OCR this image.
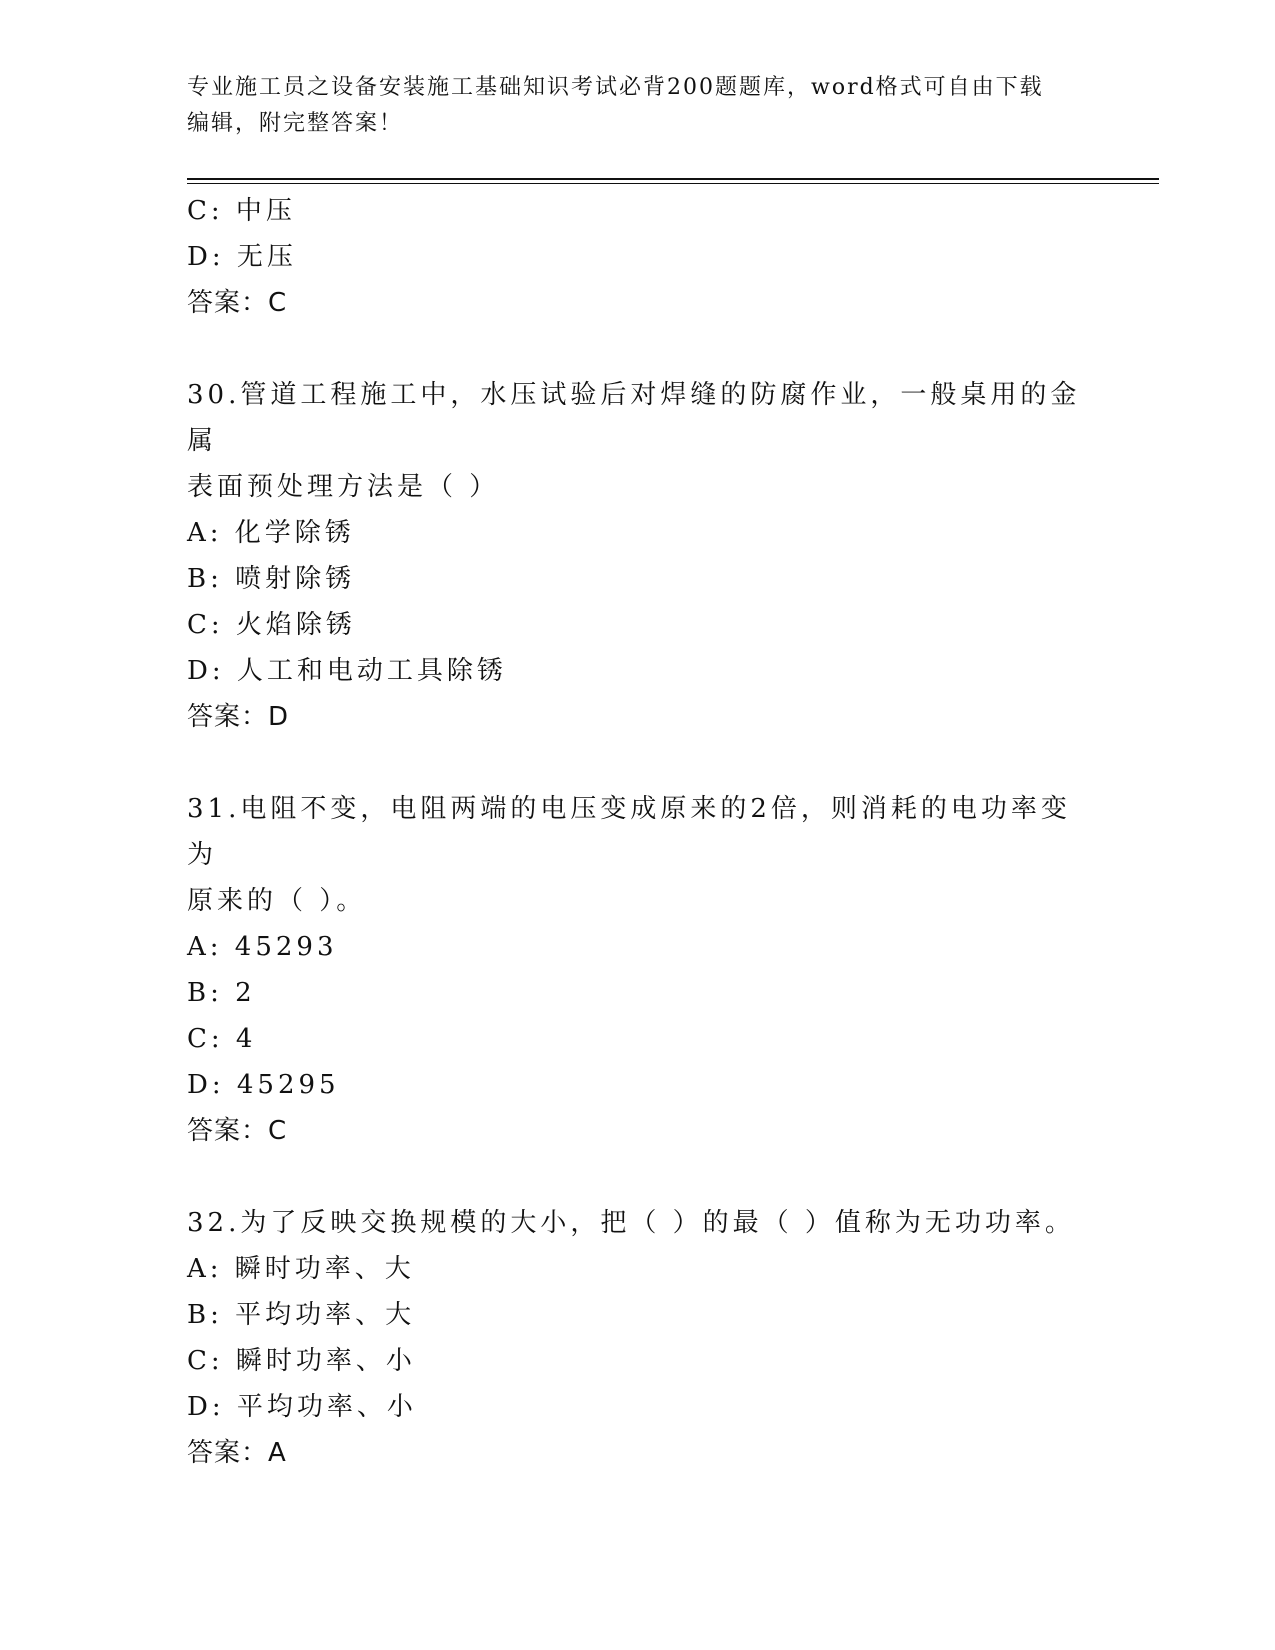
专业施工员之设备安装施工基础知识考试必背200题题库，word格式可自由下载
编辑，附完整答案！
C: 中压
D: 无压
答案：C
30.管道工程施工中，水压试验后对焊缝的防腐作业，一般桌用的金属
表面预处理方法是（ ）
A: 化学除锈
B: 喷射除锈
C: 火焰除锈
D: 人工和电动工具除锈
答案：D
31.电阻不变，电阻两端的电压变成原来的2倍，则消耗的电功率变为
原来的（ ）。
A: 45293
B: 2
C: 4
D: 45295
答案：C
32.为了反映交换规模的大小，把（ ）的最（ ）值称为无功功率。
A: 瞬时功率、大
B: 平均功率、大
C: 瞬时功率、小
D: 平均功率、小
答案：A
